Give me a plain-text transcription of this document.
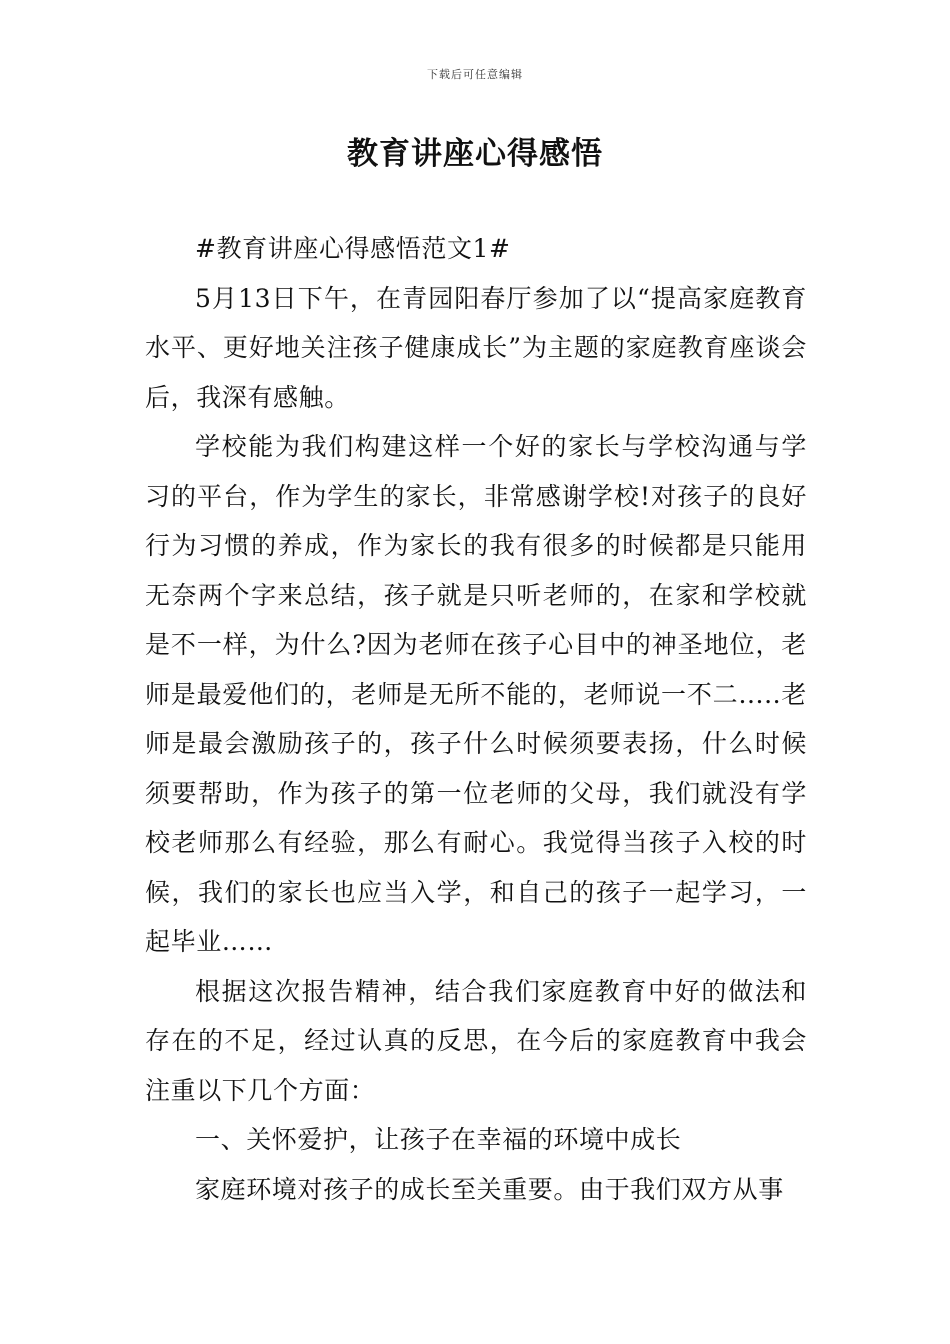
下载后可任意编辑
教育讲座心得感悟

#教育讲座心得感悟范文1#

5月13日下午，在青园阳春厅参加了以“提高家庭教育水平、更好地关注孩子健康成长”为主题的家庭教育座谈会后，我深有感触。

学校能为我们构建这样一个好的家长与学校沟通与学习的平台，作为学生的家长，非常感谢学校!对孩子的良好行为习惯的养成，作为家长的我有很多的时候都是只能用无奈两个字来总结，孩子就是只听老师的，在家和学校就是不一样，为什么?因为老师在孩子心目中的神圣地位，老师是最爱他们的，老师是无所不能的，老师说一不二.....老师是最会激励孩子的，孩子什么时候须要表扬，什么时候须要帮助，作为孩子的第一位老师的父母，我们就没有学校老师那么有经验，那么有耐心。我觉得当孩子入校的时候，我们的家长也应当入学，和自己的孩子一起学习，一起毕业……

根据这次报告精神，结合我们家庭教育中好的做法和存在的不足，经过认真的反思，在今后的家庭教育中我会注重以下几个方面：

一、关怀爱护，让孩子在幸福的环境中成长

家庭环境对孩子的成长至关重要。由于我们双方从事
